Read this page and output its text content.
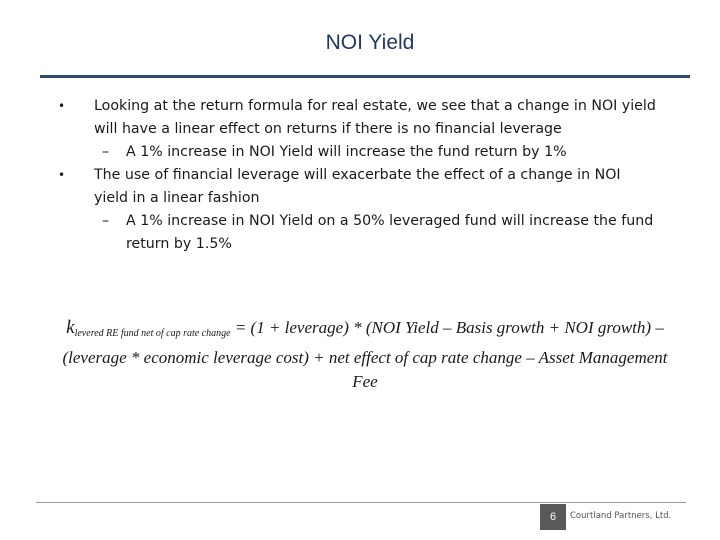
NOI Yield
• Looking at the return formula for real estate, we see that a change in NOI yield will have a linear effect on returns if there is no financial leverage
– A 1% increase in NOI Yield will increase the fund return by 1%
• The use of financial leverage will exacerbate the effect of a change in NOI yield in a linear fashion
– A 1% increase in NOI Yield on a 50% leveraged fund will increase the fund return by 1.5%
$k_{levered RE fund net of cap rate change} = (1$ + leverage) * (NOI Yield – Basis growth + NOI growth) – (leverage * economic leverage cost) + net effect of cap rate change – Asset Management Fee
6	Courtland Partners, Ltd.
